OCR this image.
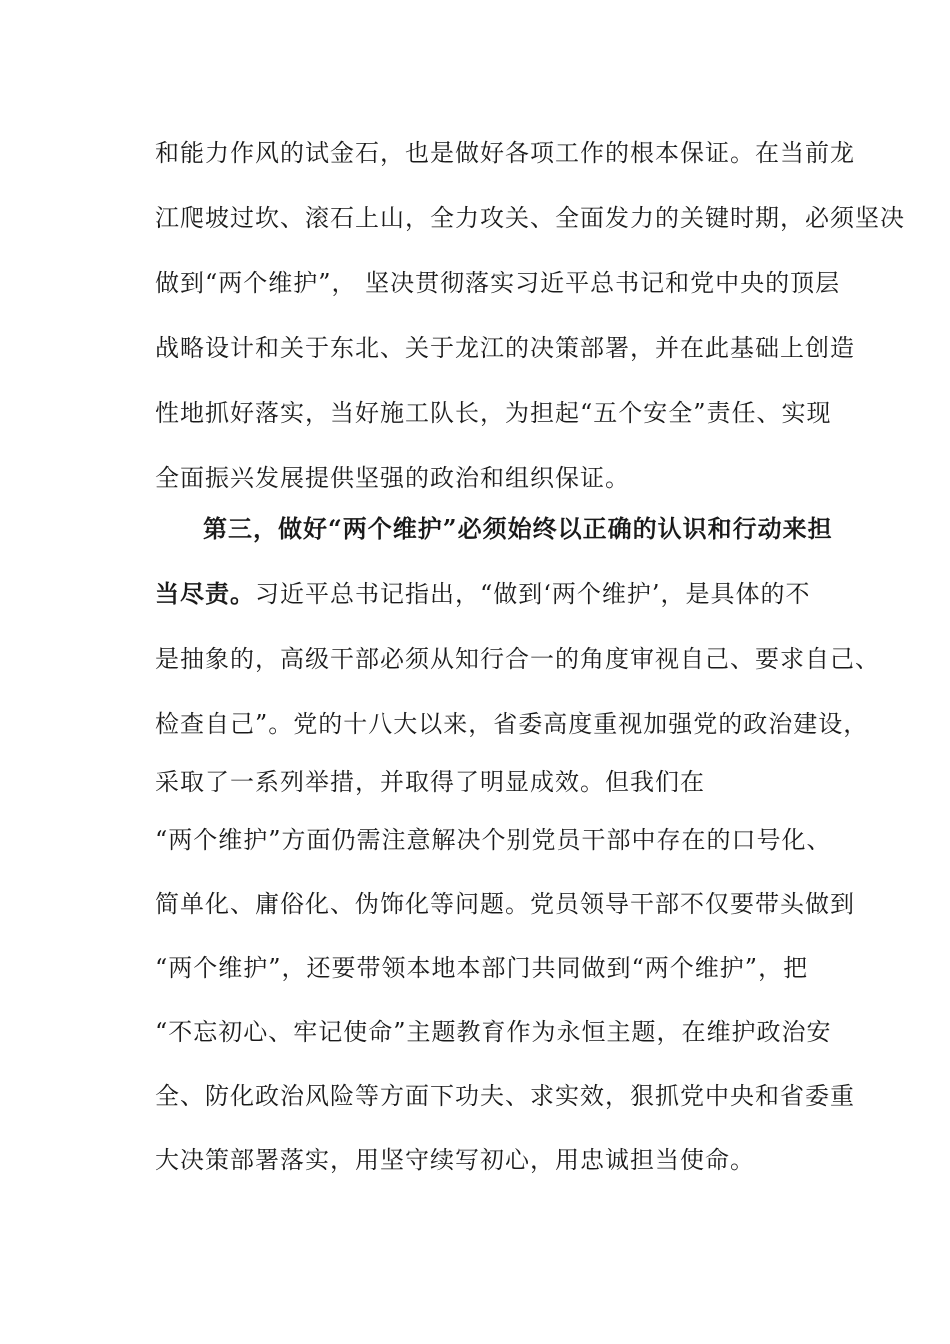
和能力作风的试金石，也是做好各项工作的根本保证。在当前龙
江爬坡过坎、滚石上山，全力攻关、全面发力的关键时期，必须坚决
做到“两个维护”， 坚决贯彻落实习近平总书记和党中央的顶层
战略设计和关于东北、关于龙江的决策部署，并在此基础上创造
性地抓好落实，当好施工队长，为担起“五个安全”责任、实现
全面振兴发展提供坚强的政治和组织保证。
第三，做好“两个维护”必须始终以正确的认识和行动来担
当尽责。习近平总书记指出，“做到‘两个维护’，是具体的不
是抽象的，高级干部必须从知行合一的角度审视自己、要求自己、
检查自己”。党的十八大以来，省委高度重视加强党的政治建设，
采取了一系列举措，并取得了明显成效。但我们在
“两个维护”方面仍需注意解决个别党员干部中存在的口号化、
简单化、庸俗化、伪饰化等问题。党员领导干部不仅要带头做到
“两个维护”，还要带领本地本部门共同做到“两个维护”，把
“不忘初心、牢记使命”主题教育作为永恒主题，在维护政治安
全、防化政治风险等方面下功夫、求实效，狠抓党中央和省委重
大决策部署落实，用坚守续写初心，用忠诚担当使命。
